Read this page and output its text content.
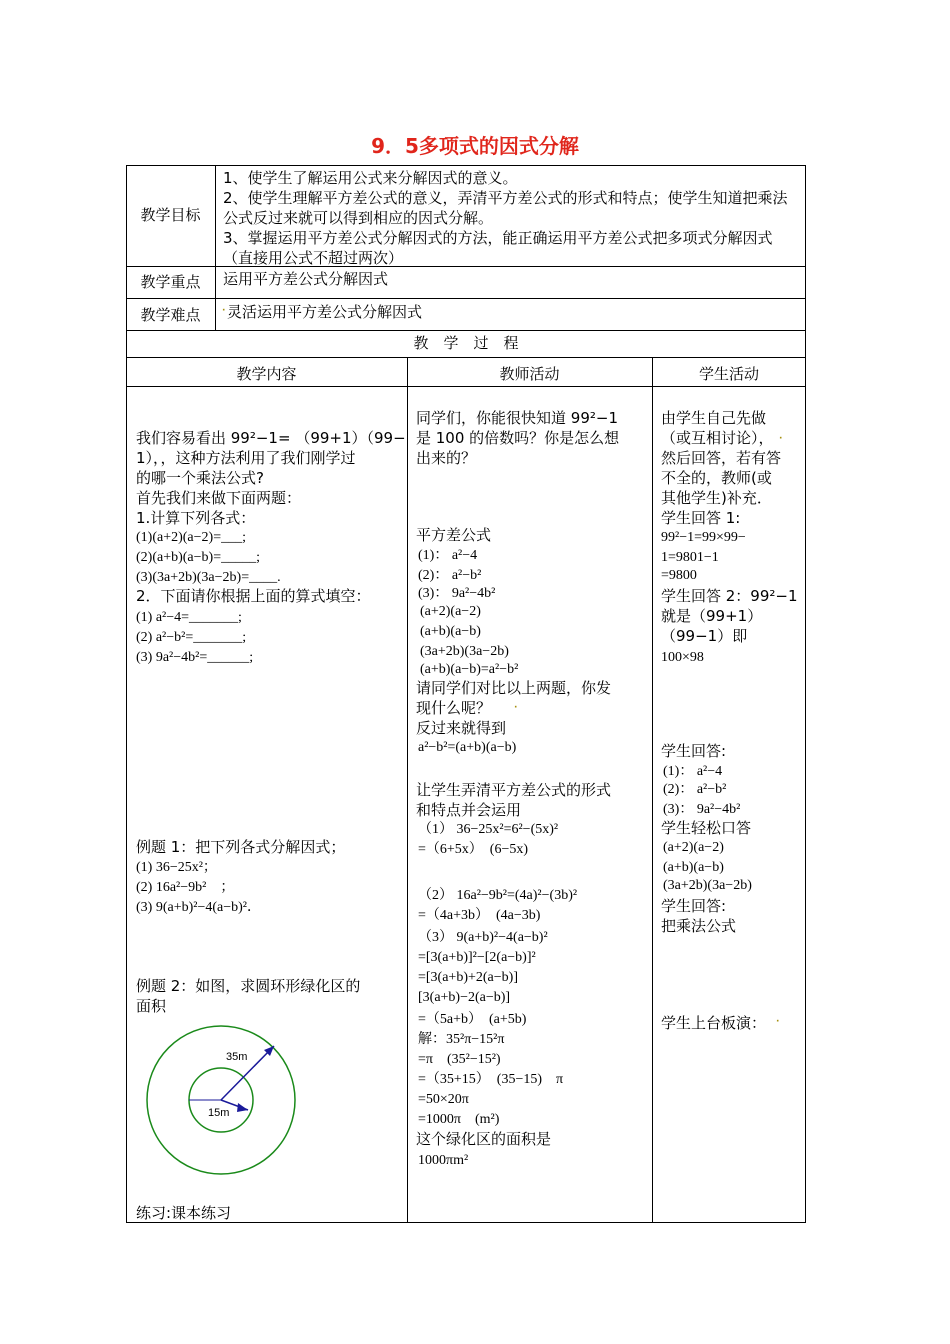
9．5多项式的因式分解
教学目标
教学重点
教学难点
1、使学生了解运用公式来分解因式的意义。
2、使学生理解平方差公式的意义，弄清平方差公式的形式和特点；使学生知道把乘法公式反过来就可以得到相应的因式分解。
3、掌握运用平方差公式分解因式的方法，能正确运用平方差公式把多项式分解因式（直接用公式不超过两次）
运用平方差公式分解因式
灵活运用平方差公式分解因式
教　学　过　程
教学内容	教师活动	学生活动
我们容易看出 99²−1= （99+1）（99−
1），，这种方法利用了我们刚学过
的哪一个乘法公式?
首先我们来做下面两题：
1.计算下列各式：
(1)(a+2)(a−2)=___;
(2)(a+b)(a−b)=_____;
(3)(3a+2b)(3a−2b)=____.
2．下面请你根据上面的算式填空：
(1) a²−4=_______;
(2) a²−b²=_______;
(3) 9a²−4b²=______;
例题 1：把下列各式分解因式；
(1) 36−25x²；
(2) 16a²−9b²　；
(3) 9(a+b)²−4(a−b)²．
例题 2：如图，求圆环形绿化区的
面积
35m
15m
练习:课本练习
同学们，你能很快知道 99²−1
是 100 的倍数吗？你是怎么想
出来的？
平方差公式
(1)： a²−4
(2)： a²−b²
(3)： 9a²−4b²
(a+2)(a−2)
(a+b)(a−b)
(3a+2b)(3a−2b)
(a+b)(a−b)=a²−b²
请同学们对比以上两题，你发
现什么呢？
反过来就得到
a²−b²=(a+b)(a−b)
让学生弄清平方差公式的形式
和特点并会运用
（1） 36−25x²=6²−(5x)²
=（6+5x）　(6−5x)
（2） 16a²−9b²=(4a)²−(3b)²
=（4a+3b）　(4a−3b)
（3） 9(a+b)²−4(a−b)²
=[3(a+b)]²−[2(a−b)]²
=[3(a+b)+2(a−b)]
[3(a+b)−2(a−b)]
=（5a+b）　(a+5b)
解：35²π−15²π
=π　(35²−15²)
=（35+15）　(35−15)　π
=50×20π
=1000π　(m²)
这个绿化区的面积是
1000πm²
由学生自己先做
（或互相讨论），
然后回答，若有答
不全的，教师(或
其他学生)补充．
学生回答 1:
99²−1=99×99−
1=9801−1
=9800
学生回答 2：99²−1
就是（99+1）
（99−1）即
100×98
学生回答:
(1)： a²−4
(2)： a²−b²
(3)： 9a²−4b²
学生轻松口答
(a+2)(a−2)
(a+b)(a−b)
(3a+2b)(3a−2b)
学生回答:
把乘法公式
学生上台板演：
·
·
·
·
